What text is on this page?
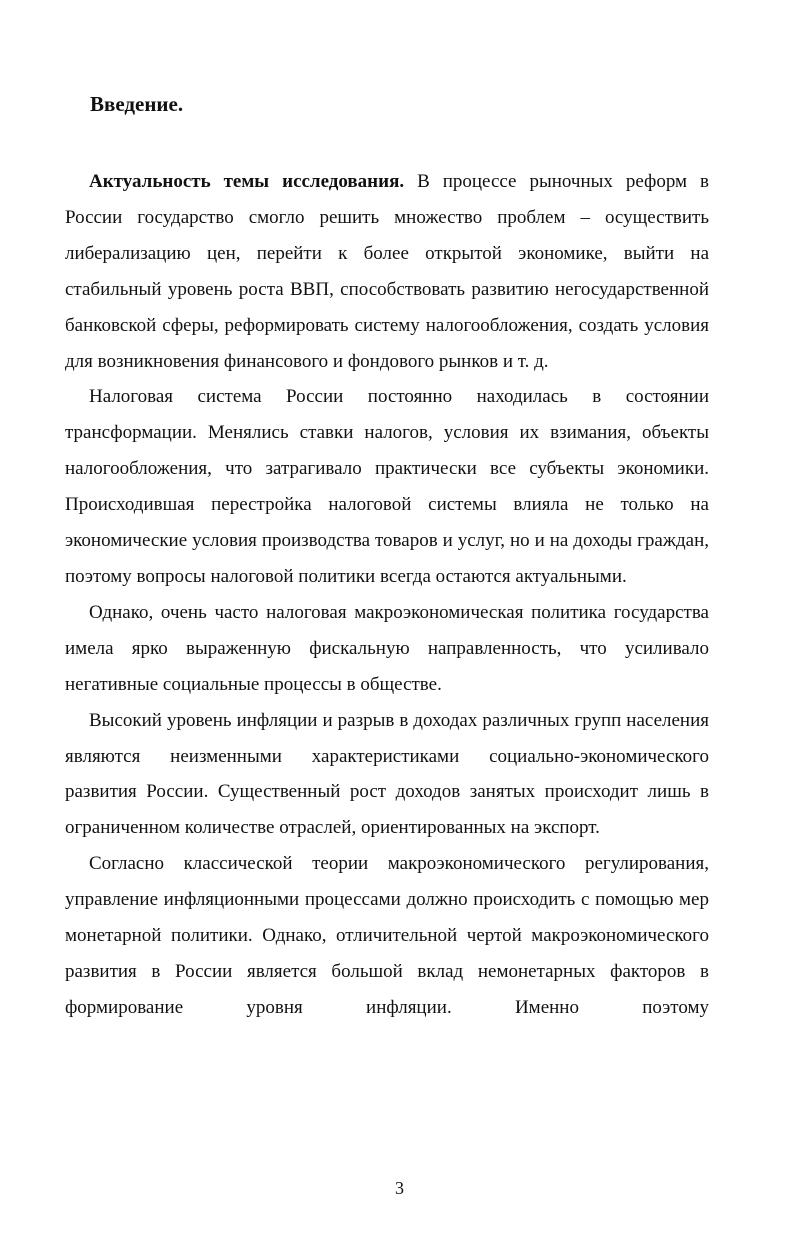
Введение.

Актуальность темы исследования. В процессе рыночных реформ в России государство смогло решить множество проблем – осуществить либерализацию цен, перейти к более открытой экономике, выйти на стабильный уровень роста ВВП, способствовать развитию негосударственной банковской сферы, реформировать систему налогообложения, создать условия для возникновения финансового и фондового рынков и т. д.

Налоговая система России постоянно находилась в состоянии трансформации. Менялись ставки налогов, условия их взимания, объекты налогообложения, что затрагивало практически все субъекты экономики. Происходившая перестройка налоговой системы влияла не только на экономические условия производства товаров и услуг, но и на доходы граждан, поэтому вопросы налоговой политики всегда остаются актуальными.

Однако, очень часто налоговая макроэкономическая политика государства имела ярко выраженную фискальную направленность, что усиливало негативные социальные процессы в обществе.

Высокий уровень инфляции и разрыв в доходах различных групп населения являются неизменными характеристиками социально-экономического развития России. Существенный рост доходов занятых происходит лишь в ограниченном количестве отраслей, ориентированных на экспорт.

Согласно классической теории макроэкономического регулирования, управление инфляционными процессами должно происходить с помощью мер монетарной политики. Однако, отличительной чертой макроэкономического развития в России является большой вклад немонетарных факторов в формирование уровня инфляции. Именно поэтому

3
